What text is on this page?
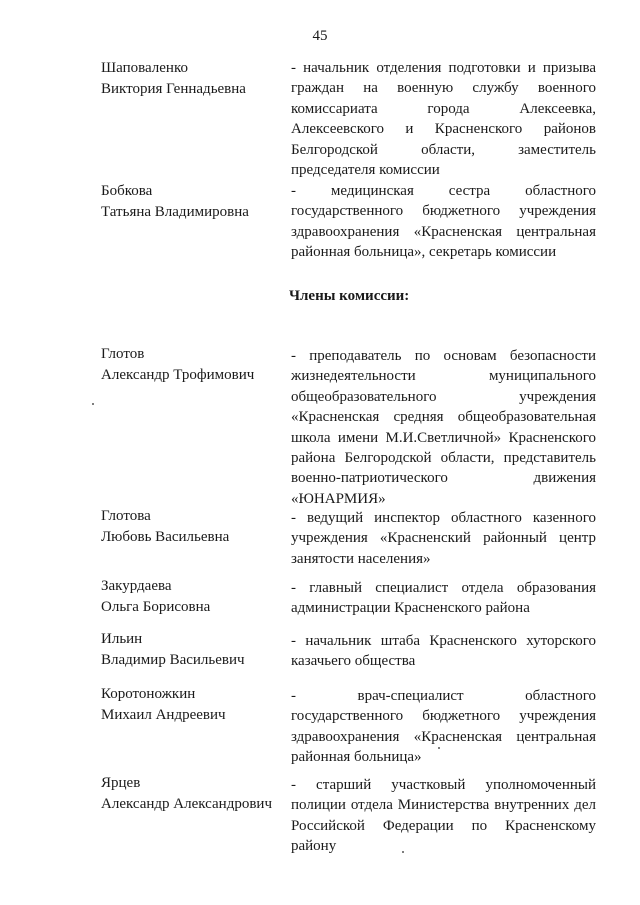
45
Шаповаленко
Виктория Геннадьевна
- начальник отделения подготовки и призыва граждан на военную службу военного комиссариата города Алексеевка, Алексеевского и Красненского районов Белгородской области, заместитель председателя комиссии
Бобкова
Татьяна Владимировна
- медицинская сестра областного государственного бюджетного учреждения здравоохранения «Красненская центральная районная больница», секретарь комиссии
Члены комиссии:
Глотов
Александр Трофимович
- преподаватель по основам безопасности жизнедеятельности муниципального общеобразовательного учреждения «Красненская средняя общеобразовательная школа имени М.И.Светличной» Красненского района Белгородской области, представитель военно-патриотического движения «ЮНАРМИЯ»
Глотова
Любовь Васильевна
- ведущий инспектор областного казенного учреждения «Красненский районный центр занятости населения»
Закурдаева
Ольга Борисовна
- главный специалист отдела образования администрации Красненского района
Ильин
Владимир Васильевич
- начальник штаба Красненского хуторского казачьего общества
Коротоножкин
Михаил Андреевич
- врач-специалист областного государственного бюджетного учреждения здравоохранения «Красненская центральная районная больница»
Ярцев
Александр Александрович
- старший участковый уполномоченный полиции отдела Министерства внутренних дел Российской Федерации по Красненскому району
